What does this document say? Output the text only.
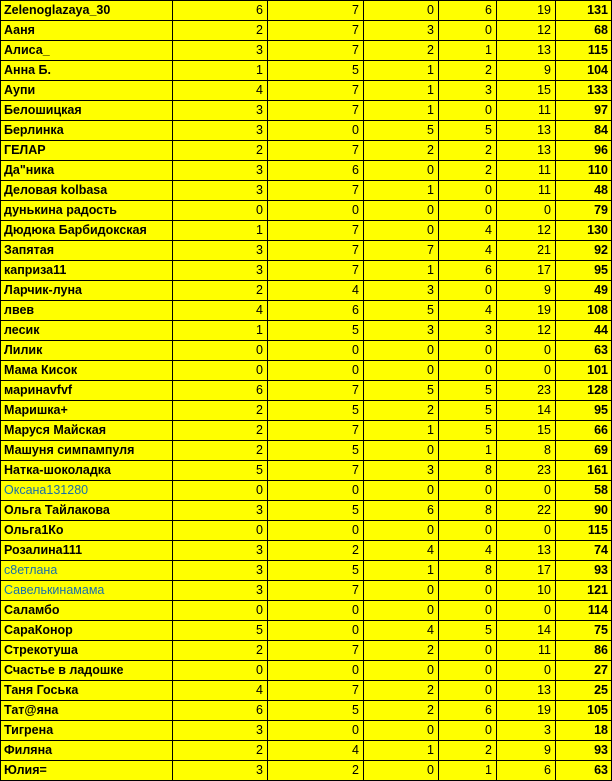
Zelenoglazaya_30	6	7	0	6	19	131
Ааня	2	7	3	0	12	68
Алиса_	3	7	2	1	13	115
Анна Б.	1	5	1	2	9	104
Аупи	4	7	1	3	15	133
Белошицкая	3	7	1	0	11	97
Берлинка	3	0	5	5	13	84
ГЕЛАР	2	7	2	2	13	96
Да"ника	3	6	0	2	11	110
Деловая kolbasa	3	7	1	0	11	48
дунькина радость	0	0	0	0	0	79
Дюдюка Барбидокская	1	7	0	4	12	130
Запятая	3	7	7	4	21	92
каприза11	3	7	1	6	17	95
Ларчик-луна	2	4	3	0	9	49
лвев	4	6	5	4	19	108
лесик	1	5	3	3	12	44
Лилик	0	0	0	0	0	63
Мама Кисок	0	0	0	0	0	101
маринаvfvf	6	7	5	5	23	128
Маришка+	2	5	2	5	14	95
Маруся Майская	2	7	1	5	15	66
Машуня симпампуля	2	5	0	1	8	69
Натка-шоколадка	5	7	3	8	23	161
Оксана131280	0	0	0	0	0	58
Ольга Тайлакова	3	5	6	8	22	90
Ольга1Ко	0	0	0	0	0	115
Розалина111	3	2	4	4	13	74
с8етлана	3	5	1	8	17	93
Савелькинамама	3	7	0	0	10	121
Саламбо	0	0	0	0	0	114
СараКонор	5	0	4	5	14	75
Стрекотуша	2	7	2	0	11	86
Счастье в ладошке	0	0	0	0	0	27
Таня Госька	4	7	2	0	13	25
Тат@яна	6	5	2	6	19	105
Тигрена	3	0	0	0	3	18
Филяна	2	4	1	2	9	93
Юлия=	3	2	0	1	6	63
